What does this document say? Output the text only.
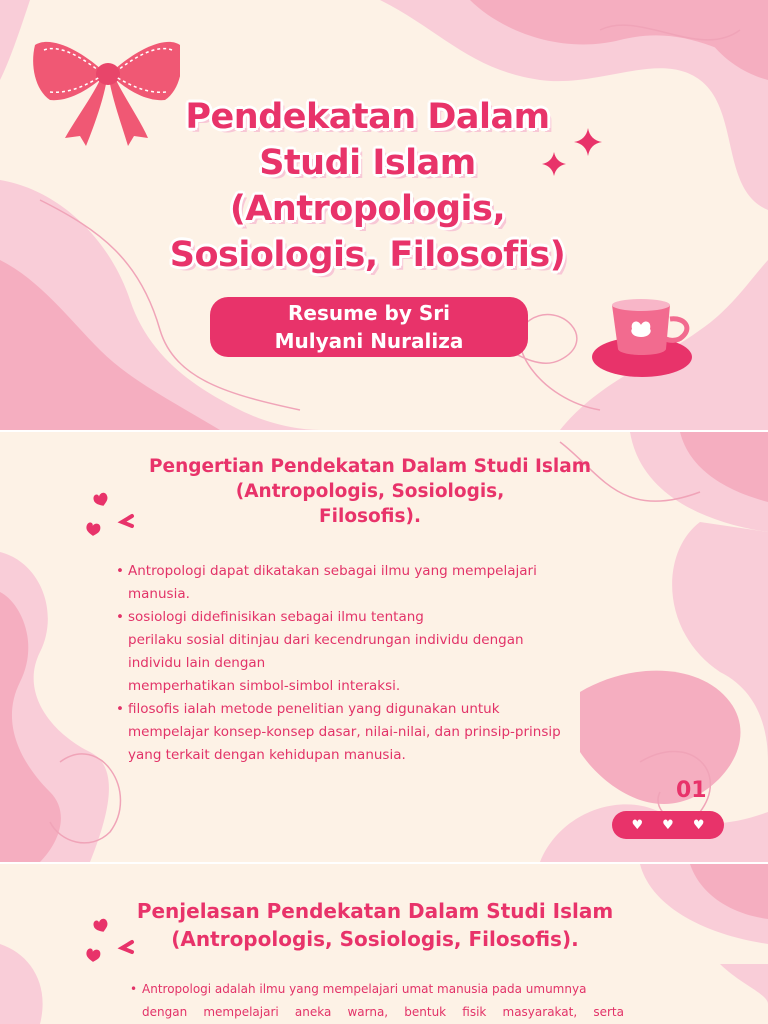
Pendekatan Dalam
Studi Islam
(Antropologis,
Sosiologis, Filosofis)
Resume by Sri
Mulyani Nuraliza
Pengertian Pendekatan Dalam Studi Islam
(Antropologis, Sosiologis,
Filosofis).
• Antropologi dapat dikatakan sebagai ilmu yang mempelajari
manusia.
• sosiologi didefinisikan sebagai ilmu tentang
perilaku sosial ditinjau dari kecendrungan individu dengan
individu lain dengan
memperhatikan simbol-simbol interaksi.
• filosofis ialah metode penelitian yang digunakan untuk
mempelajar konsep-konsep dasar, nilai-nilai, dan prinsip-prinsip
yang terkait dengan kehidupan manusia.
01
♥ ♥ ♥
Penjelasan Pendekatan Dalam Studi Islam
(Antropologis, Sosiologis, Filosofis).
• Antropologi adalah ilmu yang mempelajari umat manusia pada umumnya
dengan mempelajari aneka warna, bentuk fisik masyarakat, serta
